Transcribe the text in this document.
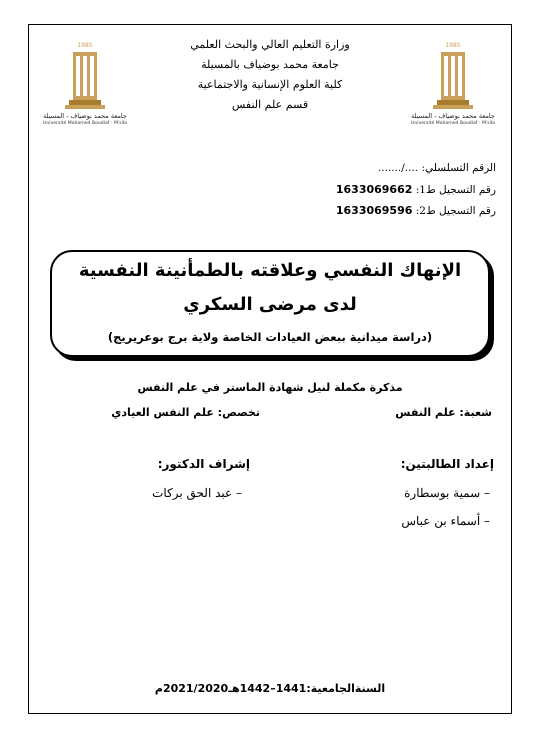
1985
جامعة محمد بوضياف - المسيلة
Université Mohamed Boudiaf - M'sila
1985
جامعة محمد بوضياف - المسيلة
Université Mohamed Boudiaf - M'sila
وزارة التعليم العالي والبحث العلمي
جامعة محمد بوضياف بالمسيلة
كلية العلوم الإنسانية والاجتماعية
قسم علم النفس
الرقم التسلسلي: ..../.......
رقم التسجيل ط1: 1633069662
رقم التسجيل ط2: 1633069596
الإنهاك النفسي وعلاقته بالطمأنينة النفسية
لدى مرضى السكري
(دراسة ميدانية ببعض العيادات الخاصة ولاية برج بوعريريج)
مذكرة مكملة لنيل شهادة الماستر في علم النفس
شعبة: علم النفس
تخصص: علم النفس العيادي
إعداد الطالبتين:
– سمية بوسطارة
– أسماء بن عباس
إشراف الدكتور:
– عبد الحق بركات
السنةالجامعية:1441–1442هـ2021/2020م
